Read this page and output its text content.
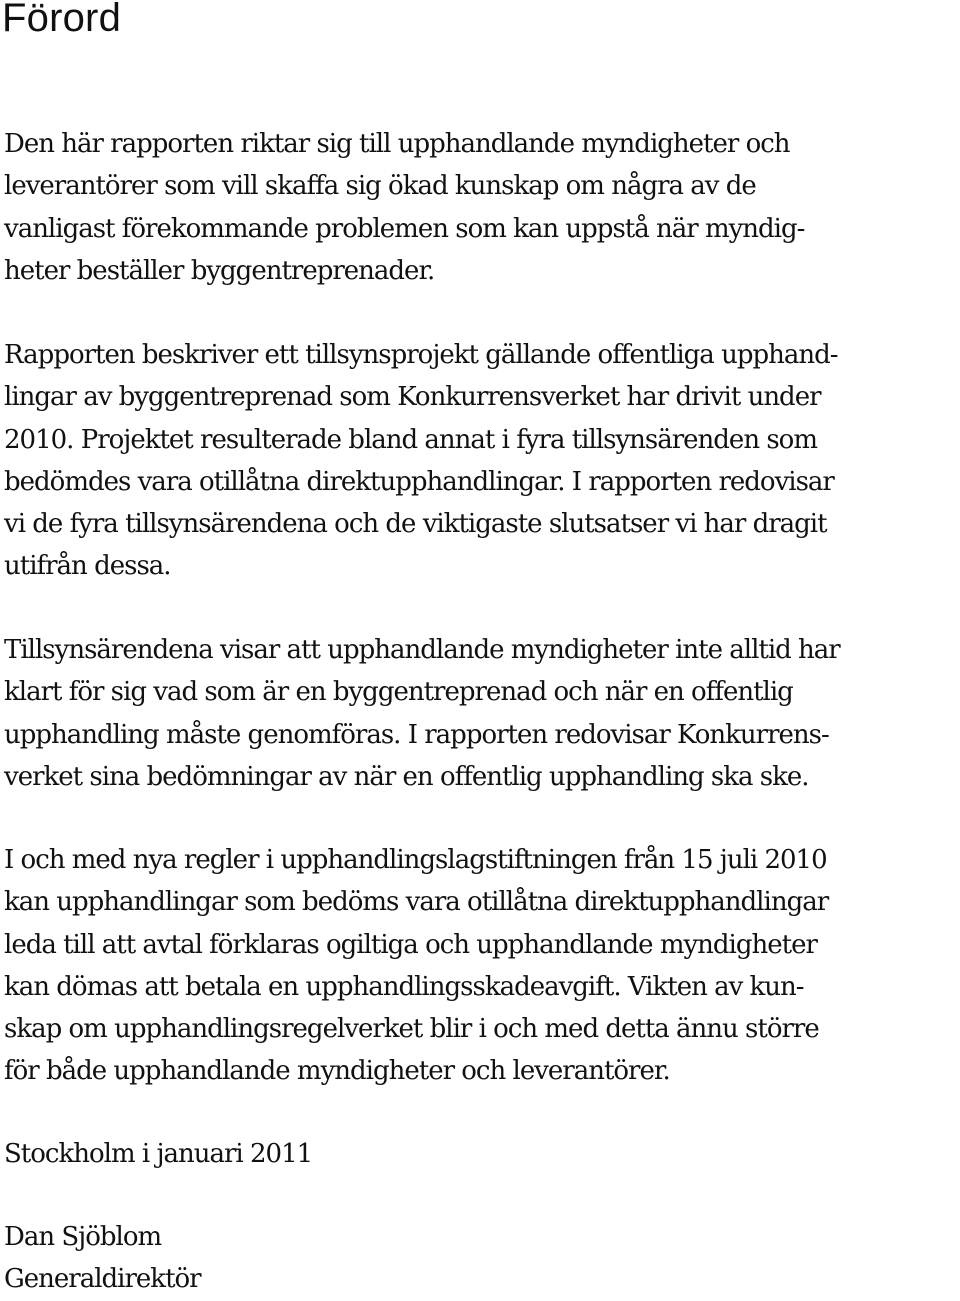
Förord

Den här rapporten riktar sig till upphandlande myndigheter och
leverantörer som vill skaffa sig ökad kunskap om några av de
vanligast förekommande problemen som kan uppstå när myndig-
heter beställer byggentreprenader.

Rapporten beskriver ett tillsynsprojekt gällande offentliga upphand-
lingar av byggentreprenad som Konkurrensverket har drivit under
2010. Projektet resulterade bland annat i fyra tillsynsärenden som
bedömdes vara otillåtna direktupphandlingar. I rapporten redovisar
vi de fyra tillsynsärendena och de viktigaste slutsatser vi har dragit
utifrån dessa.

Tillsynsärendena visar att upphandlande myndigheter inte alltid har
klart för sig vad som är en byggentreprenad och när en offentlig
upphandling måste genomföras. I rapporten redovisar Konkurrens-
verket sina bedömningar av när en offentlig upphandling ska ske.

I och med nya regler i upphandlingslagstiftningen från 15 juli 2010
kan upphandlingar som bedöms vara otillåtna direktupphandlingar
leda till att avtal förklaras ogiltiga och upphandlande myndigheter
kan dömas att betala en upphandlingsskadeavgift. Vikten av kun-
skap om upphandlingsregelverket blir i och med detta ännu större
för både upphandlande myndigheter och leverantörer.

Stockholm i januari 2011

Dan Sjöblom
Generaldirektör
